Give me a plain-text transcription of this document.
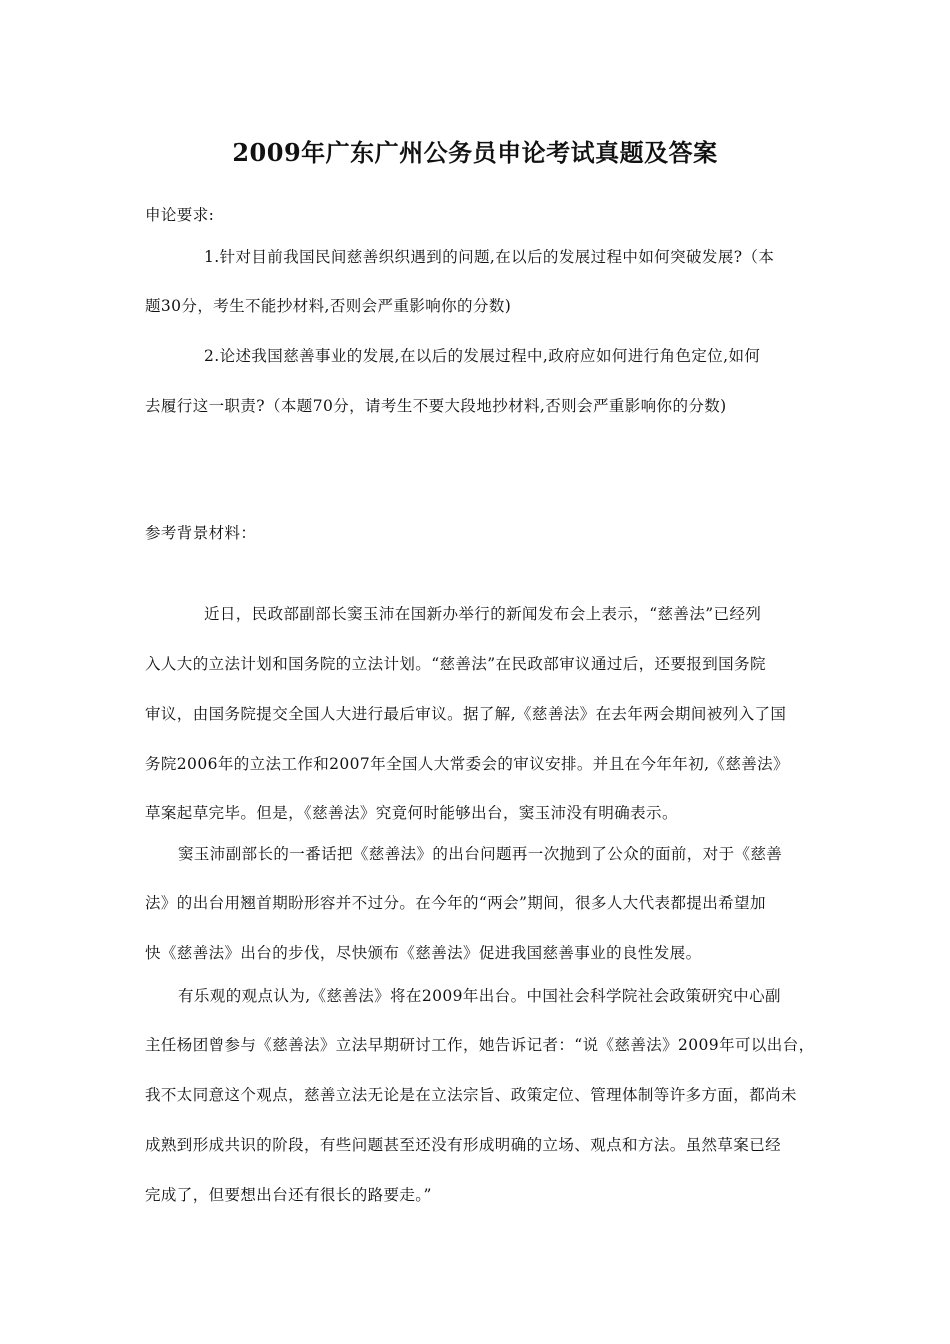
2009年广东广州公务员申论考试真题及答案
申论要求:
1.针对目前我国民间慈善织织遇到的问题,在以后的发展过程中如何突破发展?（本
题30分，考生不能抄材料,否则会严重影响你的分数)
2.论述我国慈善事业的发展,在以后的发展过程中,政府应如何进行角色定位,如何
去履行这一职责?（本题70分，请考生不要大段地抄材料,否则会严重影响你的分数)
参考背景材料：
近日，民政部副部长窦玉沛在国新办举行的新闻发布会上表示，“慈善法”已经列
入人大的立法计划和国务院的立法计划。“慈善法”在民政部审议通过后，还要报到国务院
审议，由国务院提交全国人大进行最后审议。据了解,《慈善法》在去年两会期间被列入了国
务院2006年的立法工作和2007年全国人大常委会的审议安排。并且在今年年初,《慈善法》
草案起草完毕。但是，《慈善法》究竟何时能够出台，窦玉沛没有明确表示。
窦玉沛副部长的一番话把《慈善法》的出台问题再一次抛到了公众的面前，对于《慈善
法》的出台用翘首期盼形容并不过分。在今年的“两会”期间，很多人大代表都提出希望加
快《慈善法》出台的步伐，尽快颁布《慈善法》促进我国慈善事业的良性发展。
有乐观的观点认为,《慈善法》将在2009年出台。中国社会科学院社会政策研究中心副
主任杨团曾参与《慈善法》立法早期研讨工作，她告诉记者：“说《慈善法》2009年可以出台，
我不太同意这个观点，慈善立法无论是在立法宗旨、政策定位、管理体制等许多方面，都尚未
成熟到形成共识的阶段，有些问题甚至还没有形成明确的立场、观点和方法。虽然草案已经
完成了，但要想出台还有很长的路要走。”
